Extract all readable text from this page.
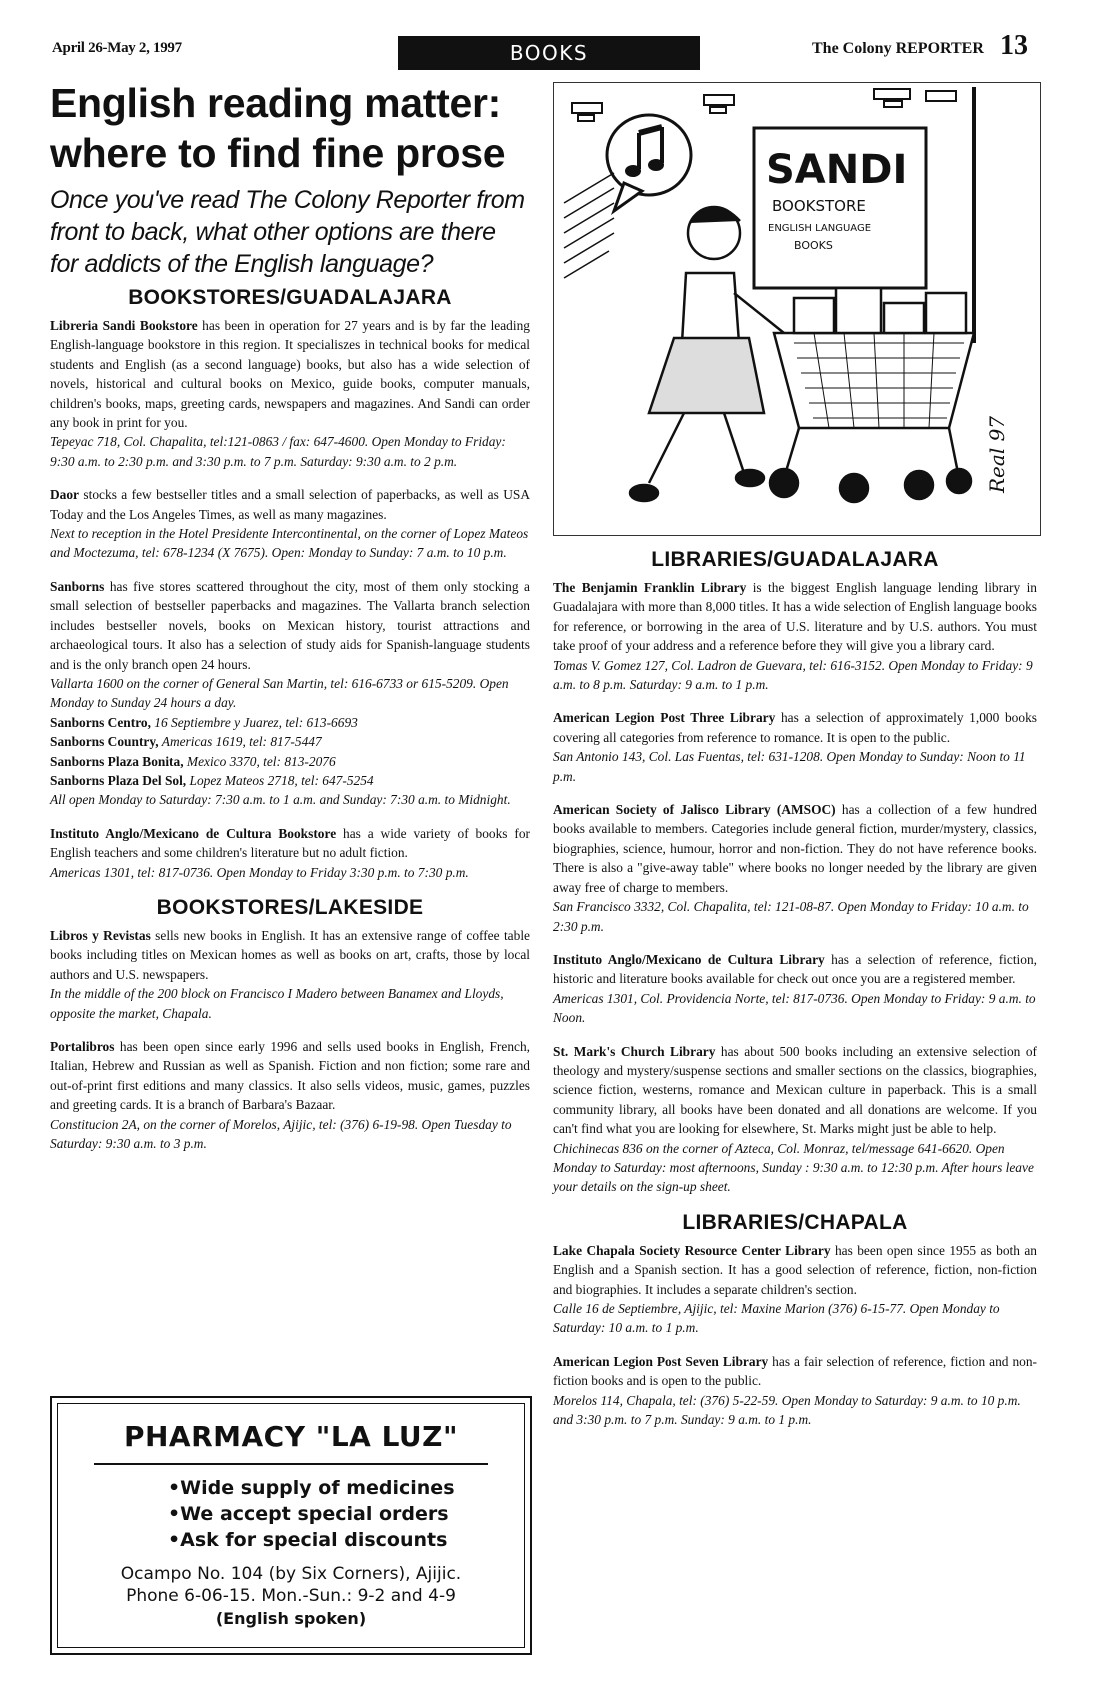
April 26-May 2, 1997	BOOKS	The Colony REPORTER 13
English reading matter:
where to find fine prose

Once you've read The Colony Reporter from front to back, what other options are there for addicts of the English language?

BOOKSTORES/GUADALAJARA

Libreria Sandi Bookstore has been in operation for 27 years and is by far the leading English-language bookstore in this region. It specialiszes in technical books for medical students and English (as a second language) books, but also has a wide selection of novels, historical and cultural books on Mexico, guide books, computer manuals, children's books, maps, greeting cards, newspapers and magazines. And Sandi can order any book in print for you.

Tepeyac 718, Col. Chapalita, tel:121-0863 / fax: 647-4600. Open Monday to Friday: 9:30 a.m. to 2:30 p.m. and 3:30 p.m. to 7 p.m. Saturday: 9:30 a.m. to 2 p.m.

Daor stocks a few bestseller titles and a small selection of paperbacks, as well as USA Today and the Los Angeles Times, as well as many magazines.

Next to reception in the Hotel Presidente Intercontinental, on the corner of Lopez Mateos and Moctezuma, tel: 678-1234 (X 7675). Open: Monday to Sunday: 7 a.m. to 10 p.m.

Sanborns has five stores scattered throughout the city, most of them only stocking a small selection of bestseller paperbacks and magazines. The Vallarta branch selection includes bestseller novels, books on Mexican history, tourist attractions and archaeological tours. It also has a selection of study aids for Spanish-language students and is the only branch open 24 hours.

Vallarta 1600 on the corner of General San Martin, tel: 616-6733 or 615-5209. Open Monday to Sunday 24 hours a day.

Sanborns Centro, 16 Septiembre y Juarez, tel: 613-6693
Sanborns Country, Americas 1619, tel: 817-5447
Sanborns Plaza Bonita, Mexico 3370, tel: 813-2076
Sanborns Plaza Del Sol, Lopez Mateos 2718, tel: 647-5254

All open Monday to Saturday: 7:30 a.m. to 1 a.m. and Sunday: 7:30 a.m. to Midnight.

Instituto Anglo/Mexicano de Cultura Bookstore has a wide variety of books for English teachers and some children's literature but no adult fiction.

Americas 1301, tel: 817-0736. Open Monday to Friday 3:30 p.m. to 7:30 p.m.

BOOKSTORES/LAKESIDE

Libros y Revistas sells new books in English. It has an extensive range of coffee table books including titles on Mexican homes as well as books on art, crafts, those by local authors and U.S. newspapers.

In the middle of the 200 block on Francisco I Madero between Banamex and Lloyds, opposite the market, Chapala.

Portalibros has been open since early 1996 and sells used books in English, French, Italian, Hebrew and Russian as well as Spanish. Fiction and non fiction; some rare and out-of-print first editions and many classics. It also sells videos, music, games, puzzles and greeting cards. It is a branch of Barbara's Bazaar.

Constitucion 2A, on the corner of Morelos, Ajijic, tel: (376) 6-19-98. Open Tuesday to Saturday: 9:30 a.m. to 3 p.m.

SANDI
BOOKSTORE
ENGLISH LANGUAGE
BOOKS
Real 97
LIBRARIES/GUADALAJARA

The Benjamin Franklin Library is the biggest English language lending library in Guadalajara with more than 8,000 titles. It has a wide selection of English language books for reference, or borrowing in the area of U.S. literature and by U.S. authors. You must take proof of your address and a reference before they will give you a library card.

Tomas V. Gomez 127, Col. Ladron de Guevara, tel: 616-3152. Open Monday to Friday: 9 a.m. to 8 p.m. Saturday: 9 a.m. to 1 p.m.

American Legion Post Three Library has a selection of approximately 1,000 books covering all categories from reference to romance. It is open to the public.

San Antonio 143, Col. Las Fuentas, tel: 631-1208. Open Monday to Sunday: Noon to 11 p.m.

American Society of Jalisco Library (AMSOC) has a collection of a few hundred books available to members. Categories include general fiction, murder/mystery, classics, biographies, science, humour, horror and non-fiction. They do not have reference books. There is also a "give-away table" where books no longer needed by the library are given away free of charge to members.

San Francisco 3332, Col. Chapalita, tel: 121-08-87. Open Monday to Friday: 10 a.m. to 2:30 p.m.

Instituto Anglo/Mexicano de Cultura Library has a selection of reference, fiction, historic and literature books available for check out once you are a registered member.

Americas 1301, Col. Providencia Norte, tel: 817-0736. Open Monday to Friday: 9 a.m. to Noon.

St. Mark's Church Library has about 500 books including an extensive selection of theology and mystery/suspense sections and smaller sections on the classics, biographies, science fiction, westerns, romance and Mexican culture in paperback. This is a small community library, all books have been donated and all donations are welcome. If you can't find what you are looking for elsewhere, St. Marks might just be able to help.

Chichinecas 836 on the corner of Azteca, Col. Monraz, tel/message 641-6620. Open Monday to Saturday: most afternoons, Sunday : 9:30 a.m. to 12:30 p.m. After hours leave your details on the sign-up sheet.

LIBRARIES/CHAPALA

Lake Chapala Society Resource Center Library has been open since 1955 as both an English and a Spanish section. It has a good selection of reference, fiction, non-fiction and biographies. It includes a separate children's section.

Calle 16 de Septiembre, Ajijic, tel: Maxine Marion (376) 6-15-77. Open Monday to Saturday: 10 a.m. to 1 p.m.

American Legion Post Seven Library has a fair selection of reference, fiction and non-fiction books and is open to the public.

Morelos 114, Chapala, tel: (376) 5-22-59. Open Monday to Saturday: 9 a.m. to 10 p.m. and 3:30 p.m. to 7 p.m. Sunday: 9 a.m. to 1 p.m.

PHARMACY "LA LUZ"
• Wide supply of medicines
• We accept special orders
• Ask for special discounts
Ocampo No. 104 (by Six Corners), Ajijic.
Phone 6-06-15. Mon.-Sun.: 9-2 and 4-9
(English spoken)
